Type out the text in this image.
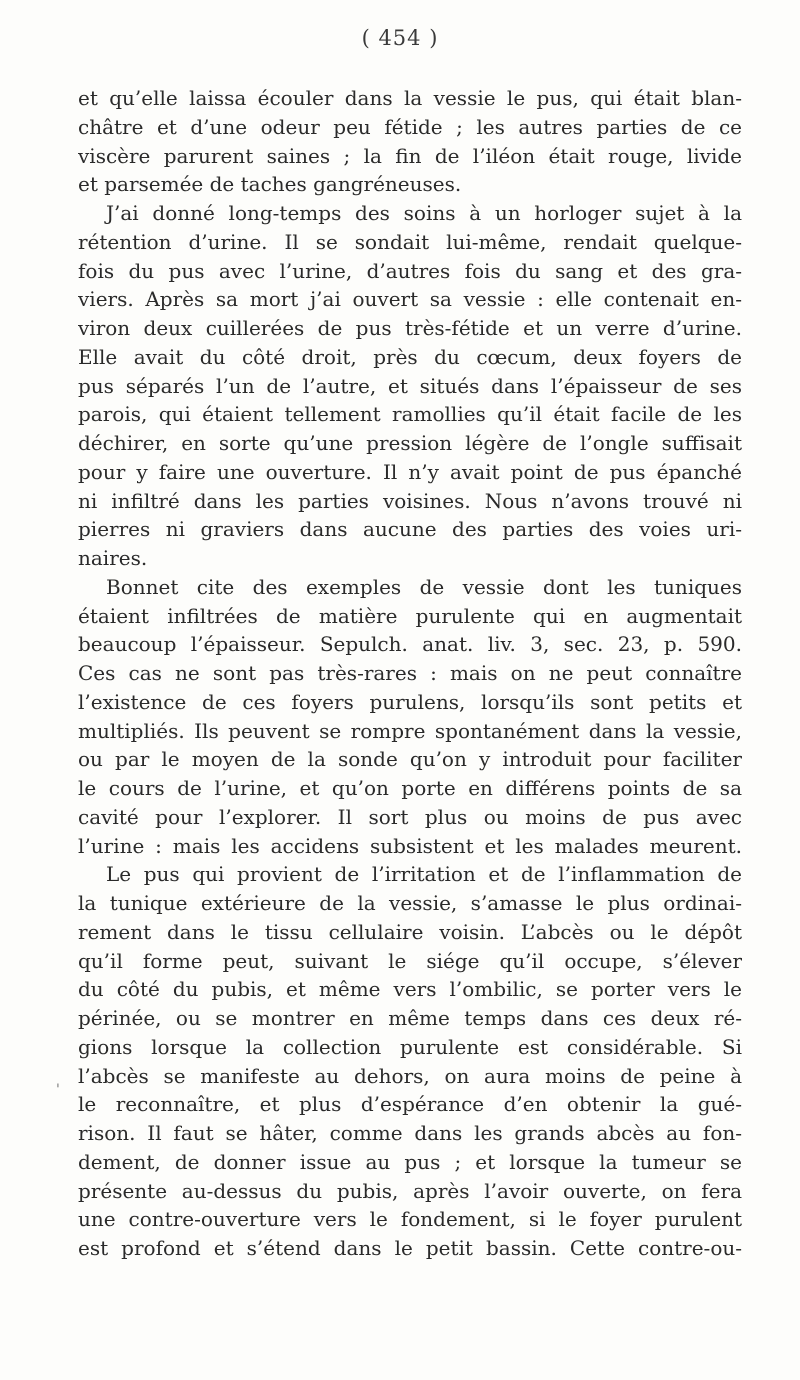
( 454 )
'
et qu’elle laissa écouler dans la vessie le pus, qui était blan-
châtre et d’une odeur peu fétide ; les autres parties de ce
viscère parurent saines ; la fin de l’iléon était rouge, livide
et parsemée de taches gangréneuses.
J’ai donné long-temps des soins à un horloger sujet à la
rétention d’urine. Il se sondait lui-même, rendait quelque-
fois du pus avec l’urine, d’autres fois du sang et des gra-
viers. Après sa mort j’ai ouvert sa vessie : elle contenait en-
viron deux cuillerées de pus très-fétide et un verre d’urine.
Elle avait du côté droit, près du cœcum, deux foyers de
pus séparés l’un de l’autre, et situés dans l’épaisseur de ses
parois, qui étaient tellement ramollies qu’il était facile de les
déchirer, en sorte qu’une pression légère de l’ongle suffisait
pour y faire une ouverture. Il n’y avait point de pus épanché
ni infiltré dans les parties voisines. Nous n’avons trouvé ni
pierres ni graviers dans aucune des parties des voies uri-
naires.
Bonnet cite des exemples de vessie dont les tuniques
étaient infiltrées de matière purulente qui en augmentait
beaucoup l’épaisseur. Sepulch. anat. liv. 3, sec. 23, p. 590.
Ces cas ne sont pas très-rares : mais on ne peut connaître
l’existence de ces foyers purulens, lorsqu’ils sont petits et
multipliés. Ils peuvent se rompre spontanément dans la vessie,
ou par le moyen de la sonde qu’on y introduit pour faciliter
le cours de l’urine, et qu’on porte en différens points de sa
cavité pour l’explorer. Il sort plus ou moins de pus avec
l’urine : mais les accidens subsistent et les malades meurent.
Le pus qui provient de l’irritation et de l’inflammation de
la tunique extérieure de la vessie, s’amasse le plus ordinai-
rement dans le tissu cellulaire voisin. L’abcès ou le dépôt
qu’il forme peut, suivant le siége qu’il occupe, s’élever
du côté du pubis, et même vers l’ombilic, se porter vers le
périnée, ou se montrer en même temps dans ces deux ré-
gions lorsque la collection purulente est considérable. Si
l’abcès se manifeste au dehors, on aura moins de peine à
le reconnaître, et plus d’espérance d’en obtenir la gué-
rison. Il faut se hâter, comme dans les grands abcès au fon-
dement, de donner issue au pus ; et lorsque la tumeur se
présente au-dessus du pubis, après l’avoir ouverte, on fera
une contre-ouverture vers le fondement, si le foyer purulent
est profond et s’étend dans le petit bassin. Cette contre-ou-
